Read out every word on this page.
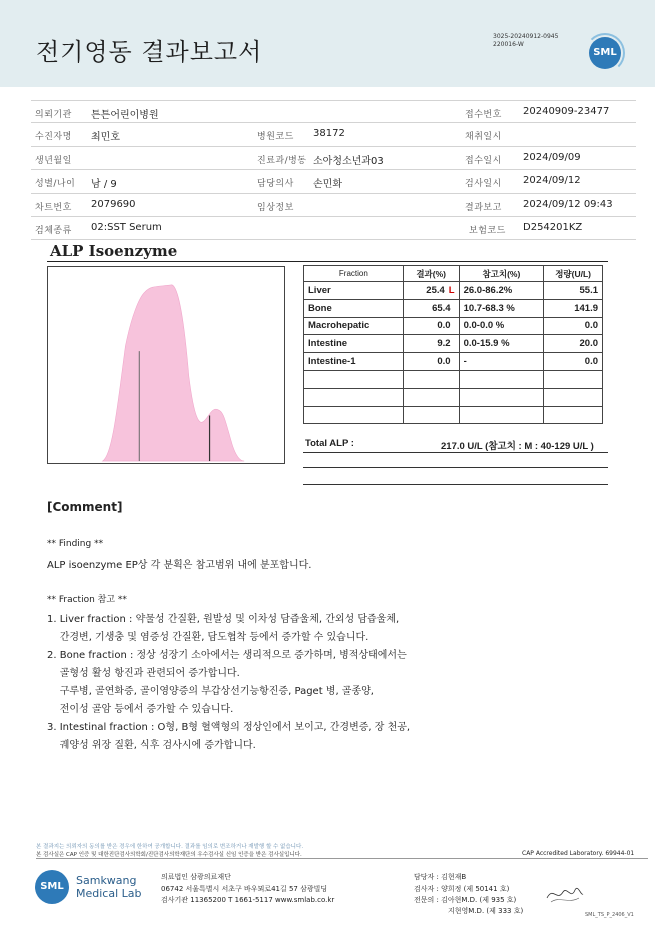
전기영동 결과보고서
3025-20240912-0945
220016-W
SML
의뢰기관 튼튼어린이병원	접수번호 20240909-23477
수진자명 최민호	병원코드 38172	채취일시
생년월일	진료과/병동 소아청소년과03	접수일시 2024/09/09
성별/나이 남 / 9	담당의사 손민화	검사일시 2024/09/12
차트번호 2079690	임상정보	결과보고 2024/09/12 09:43
검체종류 02:SST Serum	보험코드 D254201KZ
ALP Isoenzyme
Fraction	결과(%)	참고치(%)	정량(U/L)
Liver	25.4 L	26.0-86.2%	55.1
Bone	65.4	10.7-68.3 %	141.9
Macrohepatic	0.0	0.0-0.0 %	0.0
Intestine	9.2	0.0-15.9 %	20.0
Intestine-1	0.0	-	0.0

Total ALP :	217.0 U/L (참고치 : M : 40-129 U/L )
[Comment]
** Finding **
ALP isoenzyme EP상 각 분획은 참고범위 내에 분포합니다.
** Fraction 참고 **
1. Liver fraction : 약물성 간질환, 원발성 및 이차성 담즙울체, 간외성 담즙울체,
간경변, 기생충 및 염증성 간질환, 담도협착 등에서 증가할 수 있습니다.
2. Bone fraction : 정상 성장기 소아에서는 생리적으로 증가하며, 병적상태에서는
골형성 활성 항진과 관련되어 증가합니다.
구루병, 골연화증, 골이영양증의 부갑상선기능항진증, Paget 병, 골종양,
전이성 골암 등에서 증가할 수 있습니다.
3. Intestinal fraction : O형, B형 혈액형의 정상인에서 보이고, 간경변증, 장 천공,
궤양성 위장 질환, 식후 검사시에 증가합니다.
본 결과지는 의뢰자의 동의를 받은 경우에 한하여 공개합니다. 결과를 임의로 변조하거나 재발행 할 수 없습니다.
본 검사실은 CAP 인증 및 대한진단검사의학회/진단검사의학재단의 우수검사실 신임 인증을 받은 검사실입니다.	CAP Accredited Laboratory. 69944-01
SML	Samkwang
Medical Lab
의료법인 삼광의료재단
06742 서울특별시 서초구 바우뫼로41길 57 삼광빌딩
검사기관 11365200 T 1661-5117 www.smlab.co.kr
담당자 : 김현재B
검사자 : 양희정 (제 50141 호)
전문의 : 김아현M.D. (제 935 호)
지현영M.D. (제 333 호)	SML_TS_P_2406_V1
